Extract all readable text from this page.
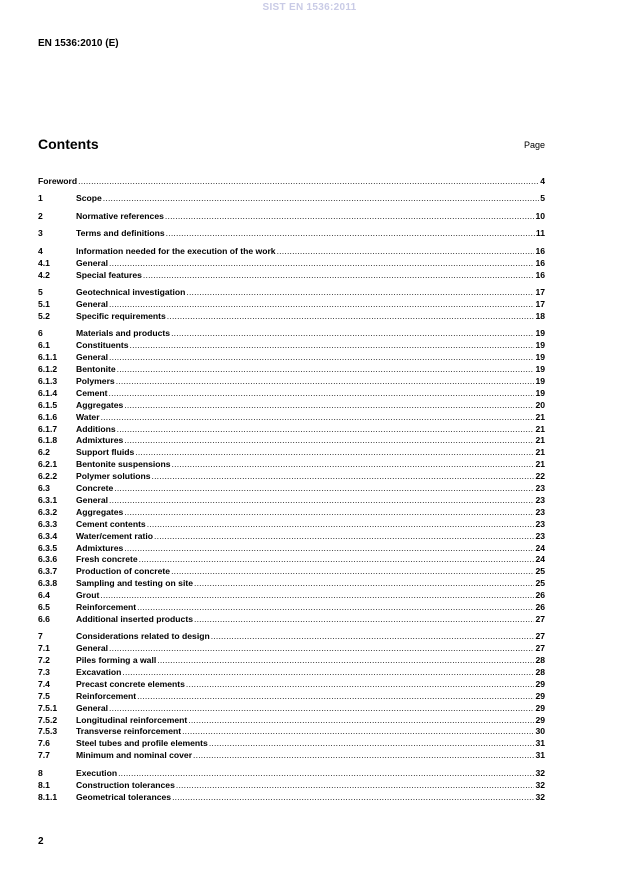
SIST EN 1536:2011
EN 1536:2010 (E)
Contents	Page
Foreword .....	4
1	Scope .....	5
2	Normative references .....	10
3	Terms and definitions .....	11
4	Information needed for the execution of the work .....	16
4.1	General .....	16
4.2	Special features .....	16
5	Geotechnical investigation .....	17
5.1	General .....	17
5.2	Specific requirements .....	18
6	Materials and products .....	19
6.1	Constituents .....	19
6.1.1	General .....	19
6.1.2	Bentonite .....	19
6.1.3	Polymers .....	19
6.1.4	Cement .....	19
6.1.5	Aggregates .....	20
6.1.6	Water .....	21
6.1.7	Additions .....	21
6.1.8	Admixtures .....	21
6.2	Support fluids .....	21
6.2.1	Bentonite suspensions .....	21
6.2.2	Polymer solutions .....	22
6.3	Concrete .....	23
6.3.1	General .....	23
6.3.2	Aggregates .....	23
6.3.3	Cement contents .....	23
6.3.4	Water/cement ratio .....	23
6.3.5	Admixtures .....	24
6.3.6	Fresh concrete .....	24
6.3.7	Production of concrete .....	25
6.3.8	Sampling and testing on site .....	25
6.4	Grout .....	26
6.5	Reinforcement .....	26
6.6	Additional inserted products .....	27
7	Considerations related to design .....	27
7.1	General .....	27
7.2	Piles forming a wall .....	28
7.3	Excavation .....	28
7.4	Precast concrete elements .....	29
7.5	Reinforcement .....	29
7.5.1	General .....	29
7.5.2	Longitudinal reinforcement .....	29
7.5.3	Transverse reinforcement .....	30
7.6	Steel tubes and profile elements .....	31
7.7	Minimum and nominal cover .....	31
8	Execution .....	32
8.1	Construction tolerances .....	32
8.1.1	Geometrical tolerances .....	32
2
